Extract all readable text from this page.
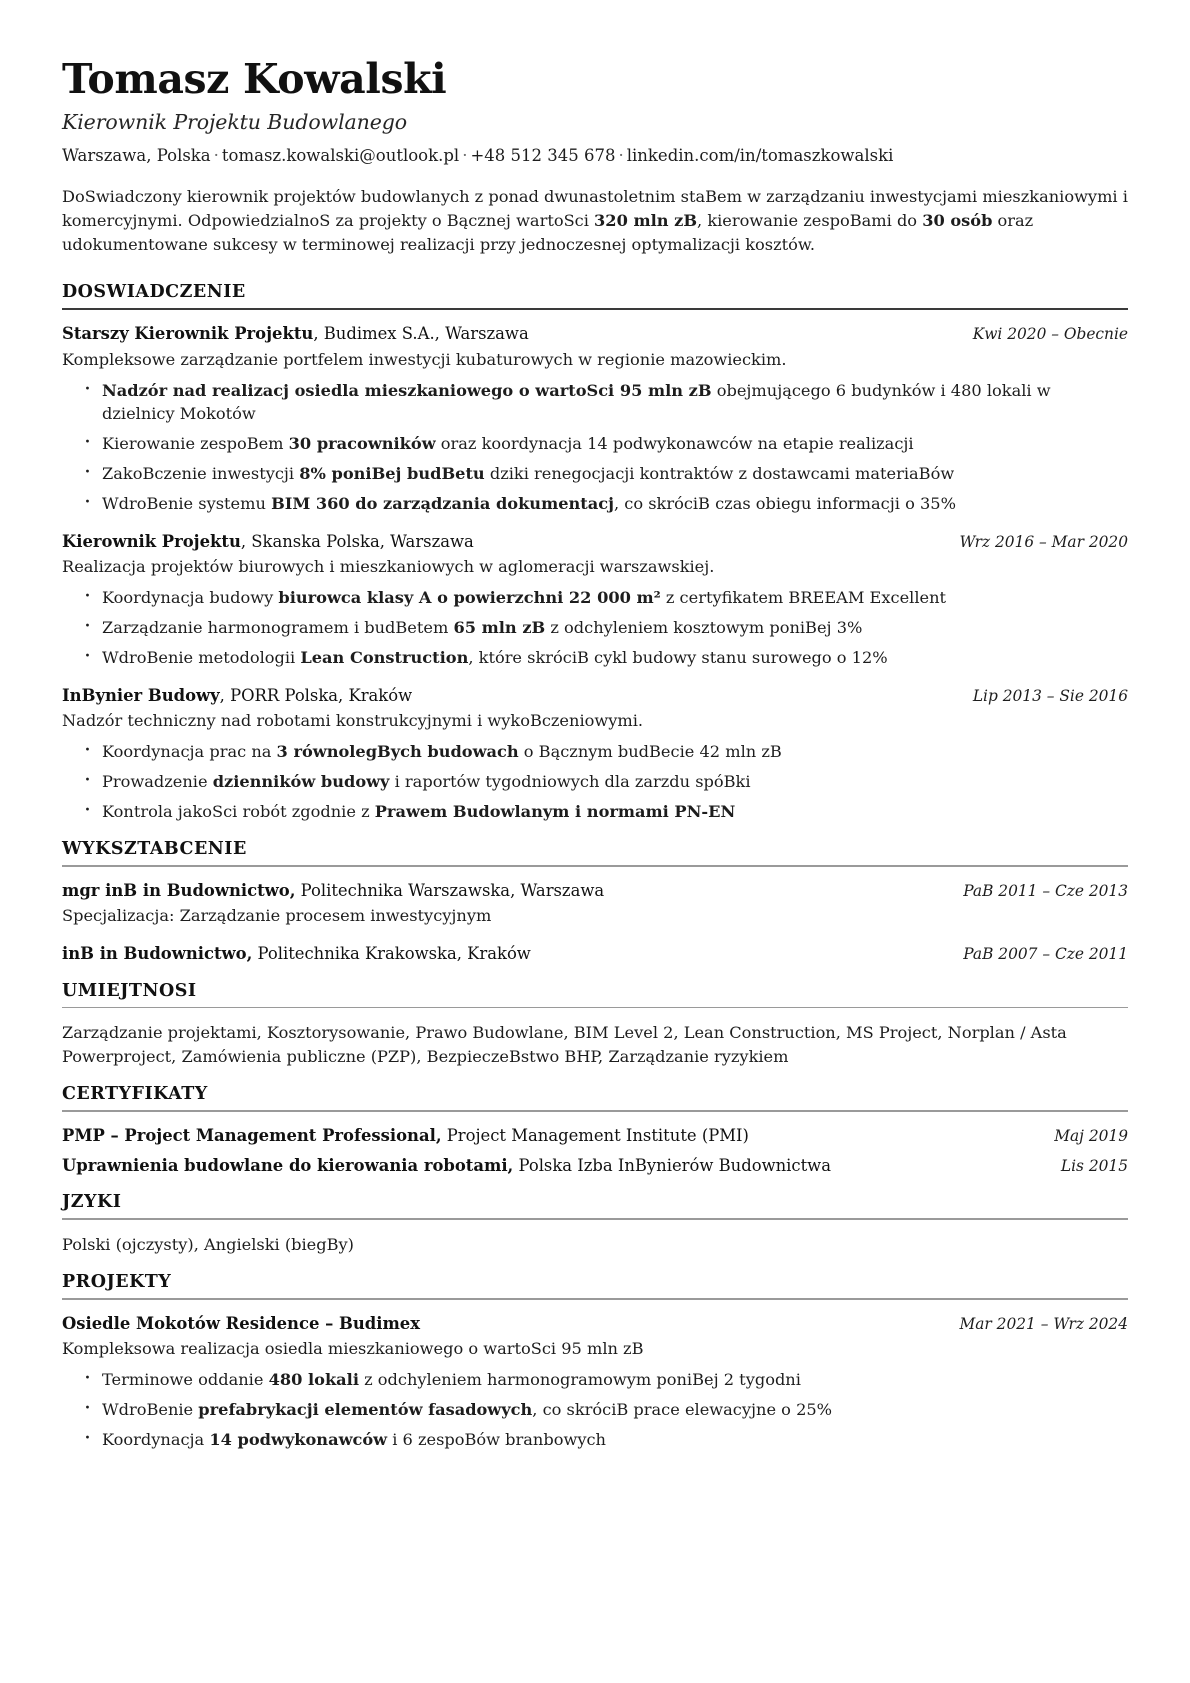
Tomasz Kowalski
Kierownik Projektu Budowlanego
Warszawa, Polska · tomasz.kowalski@outlook.pl · +48 512 345 678 · linkedin.com/in/tomaszkowalski

DoSwiadczony kierownik projektów budowlanych z ponad dwunastoletnim staBem w zarządzaniu inwestycjami mieszkaniowymi i komercyjnymi. OdpowiedzialnoS za projekty o Bącznej wartoSci 320 mln zB, kierowanie zespoBami do 30 osób oraz udokumentowane sukcesy w terminowej realizacji przy jednoczesnej optymalizacji kosztów.

DOSWIADCZENIE
Starszy Kierownik Projektu, Budimex S.A., Warszawa	Kwi 2020 – Obecnie
Kompleksowe zarządzanie portfelem inwestycji kubaturowych w regionie mazowieckim.
· Nadzór nad realizacj osiedla mieszkaniowego o wartoSci 95 mln zB obejmującego 6 budynków i 480 lokali w dzielnicy Mokotów
· Kierowanie zespoBem 30 pracowników oraz koordynacja 14 podwykonawców na etapie realizacji
· ZakoBczenie inwestycji 8% poniBej budBetu dziki renegocjacji kontraktów z dostawcami materiaBów
· WdroBenie systemu BIM 360 do zarządzania dokumentacj, co skróciB czas obiegu informacji o 35%
Kierownik Projektu, Skanska Polska, Warszawa	Wrz 2016 – Mar 2020
Realizacja projektów biurowych i mieszkaniowych w aglomeracji warszawskiej.
· Koordynacja budowy biurowca klasy A o powierzchni 22 000 m² z certyfikatem BREEAM Excellent
· Zarządzanie harmonogramem i budBetem 65 mln zB z odchyleniem kosztowym poniBej 3%
· WdroBenie metodologii Lean Construction, które skróciB cykl budowy stanu surowego o 12%
InBynier Budowy, PORR Polska, Kraków	Lip 2013 – Sie 2016
Nadzór techniczny nad robotami konstrukcyjnymi i wykoBczeniowymi.
· Koordynacja prac na 3 równolegBych budowach o Bącznym budBecie 42 mln zB
· Prowadzenie dzienników budowy i raportów tygodniowych dla zarzdu spóBki
· Kontrola jakoSci robót zgodnie z Prawem Budowlanym i normami PN-EN
WYKSZTABCENIE
mgr inB in Budownictwo, Politechnika Warszawska, Warszawa	PaB 2011 – Cze 2013
Specjalizacja: Zarządzanie procesem inwestycyjnym
inB in Budownictwo, Politechnika Krakowska, Kraków	PaB 2007 – Cze 2011
UMIEJTNOSI

Zarządzanie projektami, Kosztorysowanie, Prawo Budowlane, BIM Level 2, Lean Construction, MS Project, Norplan / Asta Powerproject, Zamówienia publiczne (PZP), BezpieczeBstwo BHP, Zarządzanie ryzykiem

CERTYFIKATY
PMP – Project Management Professional, Project Management Institute (PMI)	Maj 2019
Uprawnienia budowlane do kierowania robotami, Polska Izba InBynierów Budownictwa	Lis 2015
JZYKI

Polski (ojczysty), Angielski (biegBy)

PROJEKTY
Osiedle Mokotów Residence – Budimex	Mar 2021 – Wrz 2024
Kompleksowa realizacja osiedla mieszkaniowego o wartoSci 95 mln zB
· Terminowe oddanie 480 lokali z odchyleniem harmonogramowym poniBej 2 tygodni
· WdroBenie prefabrykacji elementów fasadowych, co skróciB prace elewacyjne o 25%
· Koordynacja 14 podwykonawców i 6 zespoBów branbowych
